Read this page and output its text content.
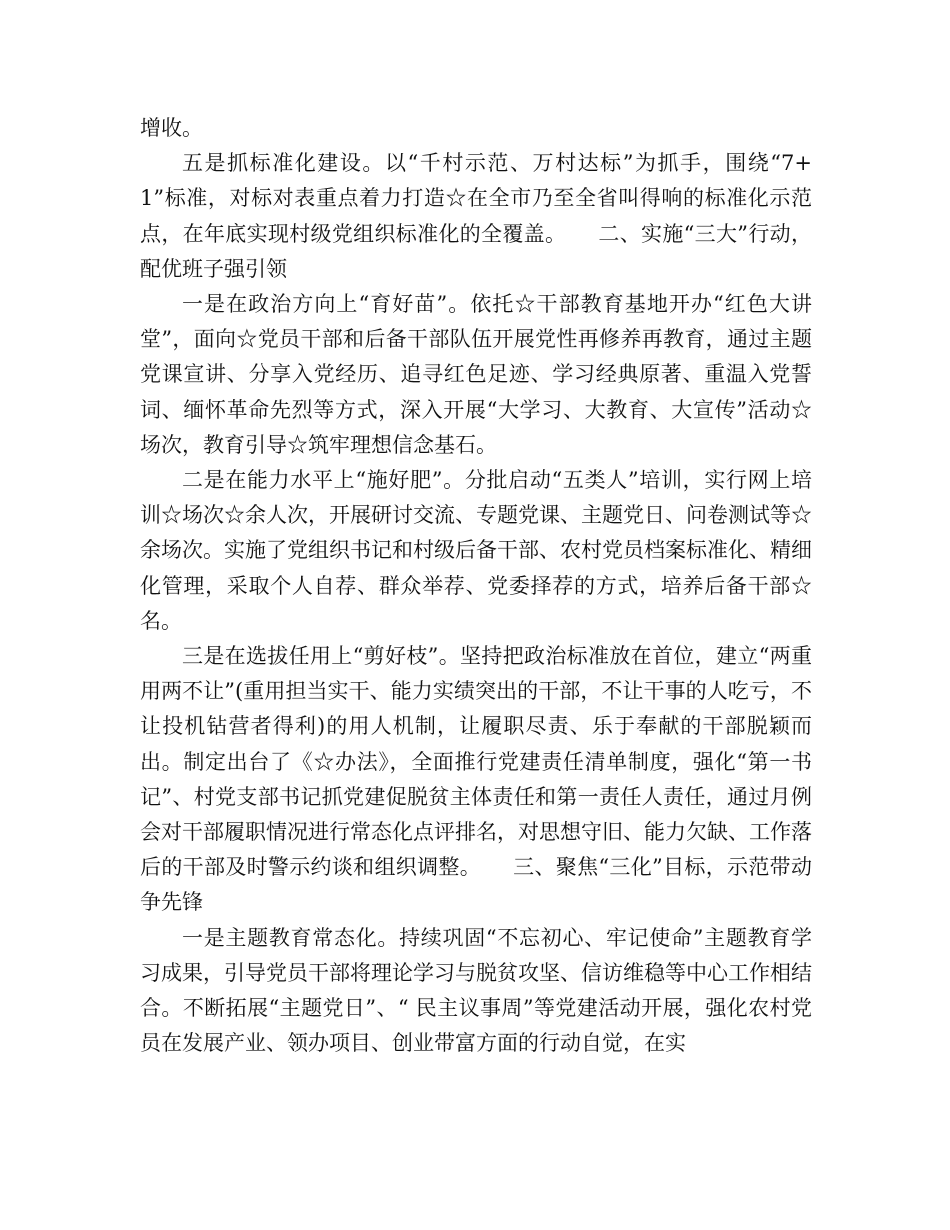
增收。

五是抓标准化建设。以“千村示范、万村达标”为抓手，围绕“7+1”标准，对标对表重点着力打造☆在全市乃至全省叫得响的标准化示范点，在年底实现村级党组织标准化的全覆盖。　　二、实施“三大”行动，配优班子强引领

一是在政治方向上“育好苗”。依托☆干部教育基地开办“红色大讲堂”，面向☆党员干部和后备干部队伍开展党性再修养再教育，通过主题党课宣讲、分享入党经历、追寻红色足迹、学习经典原著、重温入党誓词、缅怀革命先烈等方式，深入开展“大学习、大教育、大宣传”活动☆场次，教育引导☆筑牢理想信念基石。

二是在能力水平上“施好肥”。分批启动“五类人”培训，实行网上培训☆场次☆余人次，开展研讨交流、专题党课、主题党日、问卷测试等☆余场次。实施了党组织书记和村级后备干部、农村党员档案标准化、精细化管理，采取个人自荐、群众举荐、党委择荐的方式，培养后备干部☆名。

三是在选拔任用上“剪好枝”。坚持把政治标准放在首位，建立“两重用两不让”(重用担当实干、能力实绩突出的干部，不让干事的人吃亏，不让投机钻营者得利)的用人机制，让履职尽责、乐于奉献的干部脱颖而出。制定出台了《☆办法》，全面推行党建责任清单制度，强化“第一书记”、村党支部书记抓党建促脱贫主体责任和第一责任人责任，通过月例会对干部履职情况进行常态化点评排名，对思想守旧、能力欠缺、工作落后的干部及时警示约谈和组织调整。　　三、聚焦“三化”目标，示范带动争先锋

一是主题教育常态化。持续巩固“不忘初心、牢记使命”主题教育学习成果，引导党员干部将理论学习与脱贫攻坚、信访维稳等中心工作相结合。不断拓展“主题党日”、“ 民主议事周”等党建活动开展，强化农村党员在发展产业、领办项目、创业带富方面的行动自觉，在实
